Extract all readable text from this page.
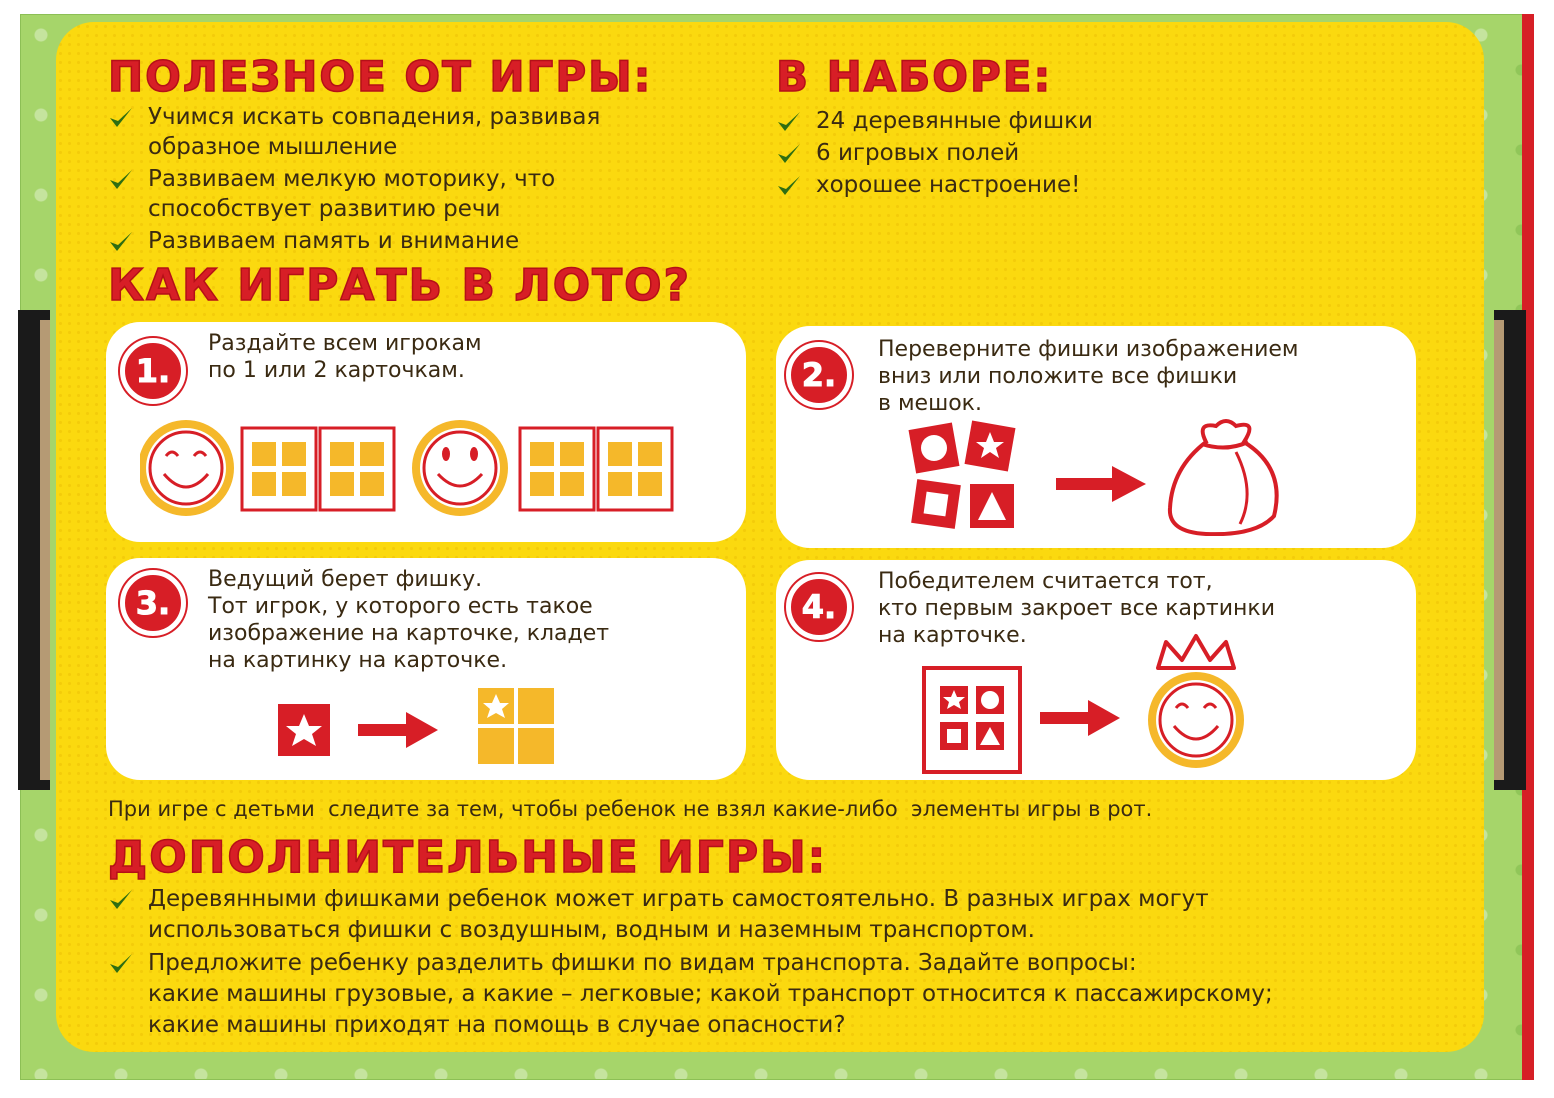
ПОЛЕЗНОЕ ОТ ИГРЫ:
Учимся искать совпадения, развивая образное мышление
Развиваем мелкую моторику, что способствует развитию речи
Развиваем память и внимание
В НАБОРЕ:
24 деревянные фишки
6 игровых полей
хорошее настроение!
КАК ИГРАТЬ В ЛОТО?
1.
Раздайте всем игрокам
по 1 или 2 карточкам.	2.
Переверните фишки изображением
вниз или положите все фишки
в мешок.
3.
Ведущий берет фишку.
Тот игрок, у которого есть такое
изображение на карточке, кладет
на картинку на карточке.
4.
Победителем считается тот,
кто первым закроет все картинки
на карточке.
При игре с детьми  следите за тем, чтобы ребенок не взял какие-либо  элементы игры в рот.
ДОПОЛНИТЕЛЬНЫЕ ИГРЫ:
Деревянными фишками ребенок может играть самостоятельно. В разных играх могут
использоваться фишки с воздушным, водным и наземным транспортом.
Предложите ребенку разделить фишки по видам транспорта. Задайте вопросы:
какие машины грузовые, а какие – легковые; какой транспорт относится к пассажирскому;
какие машины приходят на помощь в случае опасности?
